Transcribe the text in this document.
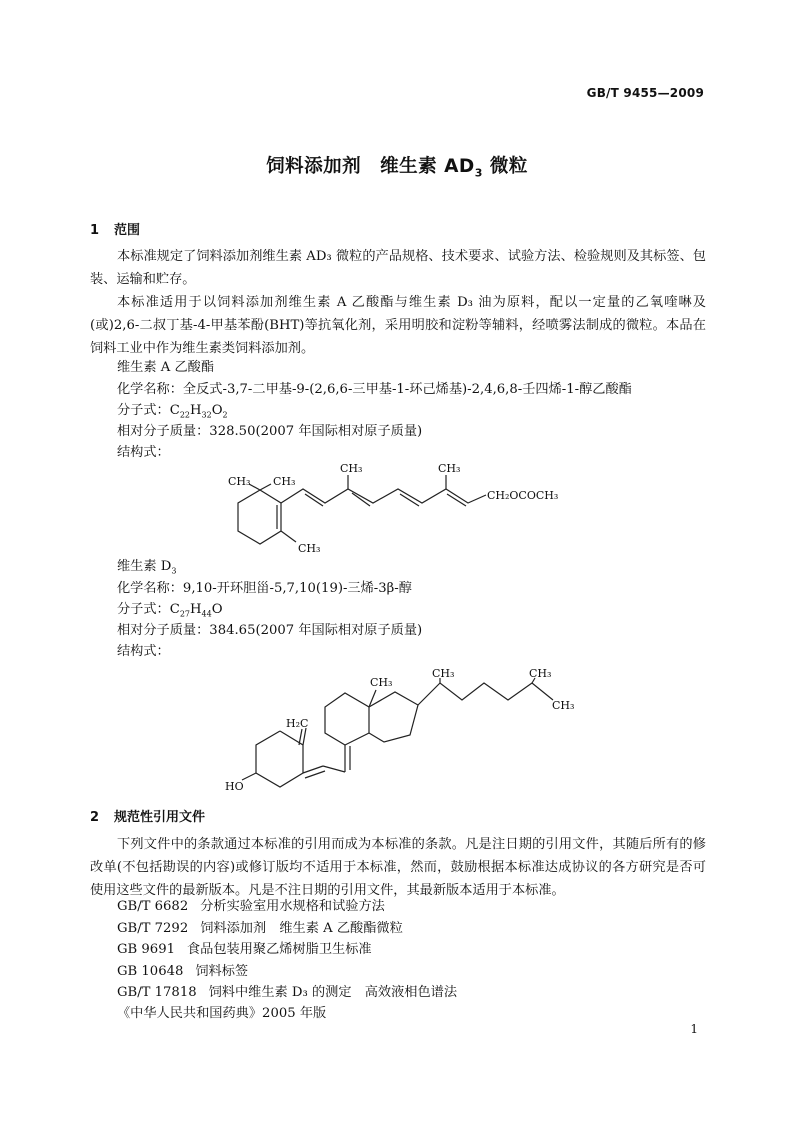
GB/T 9455—2009
饲料添加剂　维生素 $AD_3$ 微粒
1 范围

本标准规定了饲料添加剂维生素 AD₃ 微粒的产品规格、技术要求、试验方法、检验规则及其标签、包装、运输和贮存。

本标准适用于以饲料添加剂维生素 A 乙酸酯与维生素 D₃ 油为原料，配以一定量的乙氧喹啉及(或)2,6-二叔丁基-4-甲基苯酚(BHT)等抗氧化剂，采用明胶和淀粉等辅料，经喷雾法制成的微粒。本品在饲料工业中作为维生素类饲料添加剂。

维生素 A 乙酸酯
化学名称：全反式-3,7-二甲基-9-(2,6,6-三甲基-1-环己烯基)-2,4,6,8-壬四烯-1-醇乙酸酯
分子式：$C_{22}H_{32}O_2$
相对分子质量：328.50(2007 年国际相对原子质量)
结构式：
CH₃ CH₃
CH₃
CH₃	CH₃
CH₂OCOCH₃
维生素 $D_3$
化学名称：9,10-开环胆甾-5,7,10(19)-三烯-3β-醇
分子式：$C_{27}H_{44}O$
相对分子质量：384.65(2007 年国际相对原子质量)
结构式：
CH₃
CH₃	CH₃
CH₃
H₂C
HO
2 规范性引用文件

下列文件中的条款通过本标准的引用而成为本标准的条款。凡是注日期的引用文件，其随后所有的修改单(不包括勘误的内容)或修订版均不适用于本标准，然而，鼓励根据本标准达成协议的各方研究是否可使用这些文件的最新版本。凡是不注日期的引用文件，其最新版本适用于本标准。

GB/T 6682 分析实验室用水规格和试验方法
GB/T 7292 饲料添加剂　维生素 A 乙酸酯微粒
GB 9691 食品包装用聚乙烯树脂卫生标准
GB 10648 饲料标签
GB/T 17818 饲料中维生素 D₃ 的测定　高效液相色谱法
《中华人民共和国药典》2005 年版
1
